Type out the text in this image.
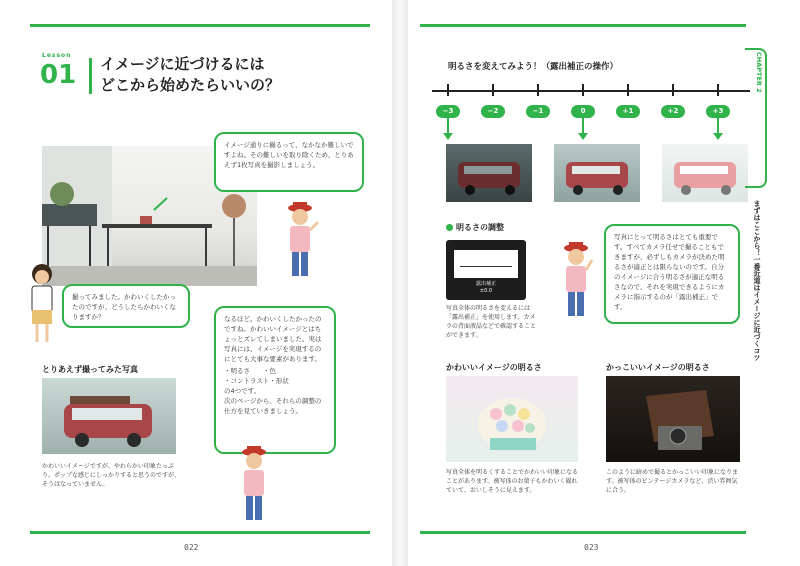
Lesson
01 イメージに近づけるには
どこから始めたらいいの？
イメージ通りに撮るって、なかなか難しいですよね。その難しいを取り除くため、とりあえず1枚写真を撮影しましょう。
撮ってみました。かわいくしたかったのですが、どうしたらかわいくなりますか？	なるほど。かわいくしたかったのですね。かわいいイメージとはちょっとズレてしまいました。実は写真には、イメージを実現するのにとても大事な要素があります。
・明るさ　　・色
・コントラスト・形状
の4つです。
次のページから、それらの調整の仕方を見ていきましょう。
とりあえず撮ってみた写真
かわいいイメージですが、やわらかい印象たっぷり。ポップな感じにしっかりすると思うのですが、そうはなっていません。
022
明るさを変えてみよう！（露出補正の操作）
−3	−2	−1	0	+1	+2	+3
明るさの調整
露出補正
±0.0
写真全体の明るさを変えるには「露出補正」を使用します。カメラの背面液晶などで確認することができます。
写真にとって明るさはとても重要です。すべてカメラ任せで撮ることもできますが、必ずしもカメラが決めた明るさが適正とは限らないのです。自分のイメージに合う明るさが適正な明るさなので、それを実現できるようにカメラに指示するのが「露出補正」です。
かわいいイメージの明るさ	かっこいいイメージの明るさ
写真全体を明るくすることでかわいい印象になることがあります。被写体のお菓子もかわいく撮れていて、おいしそうに見えます。
このように暗めで撮るとかっこいい印象になります。被写体のビンテージカメラなど、渋い雰囲気に合う。
023
CHAPTER 2
まずはここから！一番近道はイメージに近づくコツ
